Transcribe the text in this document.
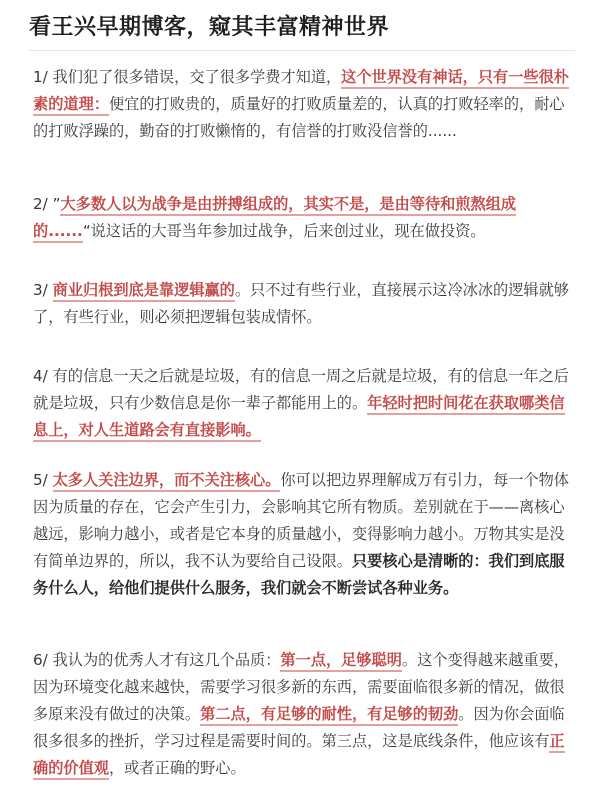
看王兴早期博客，窥其丰富精神世界

1/ 我们犯了很多错误，交了很多学费才知道，这个世界没有神话，只有一些很朴素的道理：便宜的打败贵的，质量好的打败质量差的，认真的打败轻率的，耐心的打败浮躁的，勤奋的打败懒惰的，有信誉的打败没信誉的......

2/ ”大多数人以为战争是由拼搏组成的，其实不是，是由等待和煎熬组成的......“说这话的大哥当年参加过战争，后来创过业，现在做投资。

3/ 商业归根到底是靠逻辑赢的。只不过有些行业，直接展示这冷冰冰的逻辑就够了，有些行业，则必须把逻辑包装成情怀。

4/ 有的信息一天之后就是垃圾，有的信息一周之后就是垃圾，有的信息一年之后就是垃圾，只有少数信息是你一辈子都能用上的。年轻时把时间花在获取哪类信息上，对人生道路会有直接影响。

5/ 太多人关注边界，而不关注核心。你可以把边界理解成万有引力，每一个物体因为质量的存在，它会产生引力，会影响其它所有物质。差别就在于——离核心越远，影响力越小，或者是它本身的质量越小，变得影响力越小。万物其实是没有简单边界的，所以，我不认为要给自己设限。只要核心是清晰的：我们到底服务什么人，给他们提供什么服务，我们就会不断尝试各种业务。

6/ 我认为的优秀人才有这几个品质：第一点，足够聪明。这个变得越来越重要，因为环境变化越来越快，需要学习很多新的东西，需要面临很多新的情况，做很多原来没有做过的决策。第二点，有足够的耐性，有足够的韧劲。因为你会面临很多很多的挫折，学习过程是需要时间的。第三点，这是底线条件，他应该有正确的价值观，或者正确的野心。
